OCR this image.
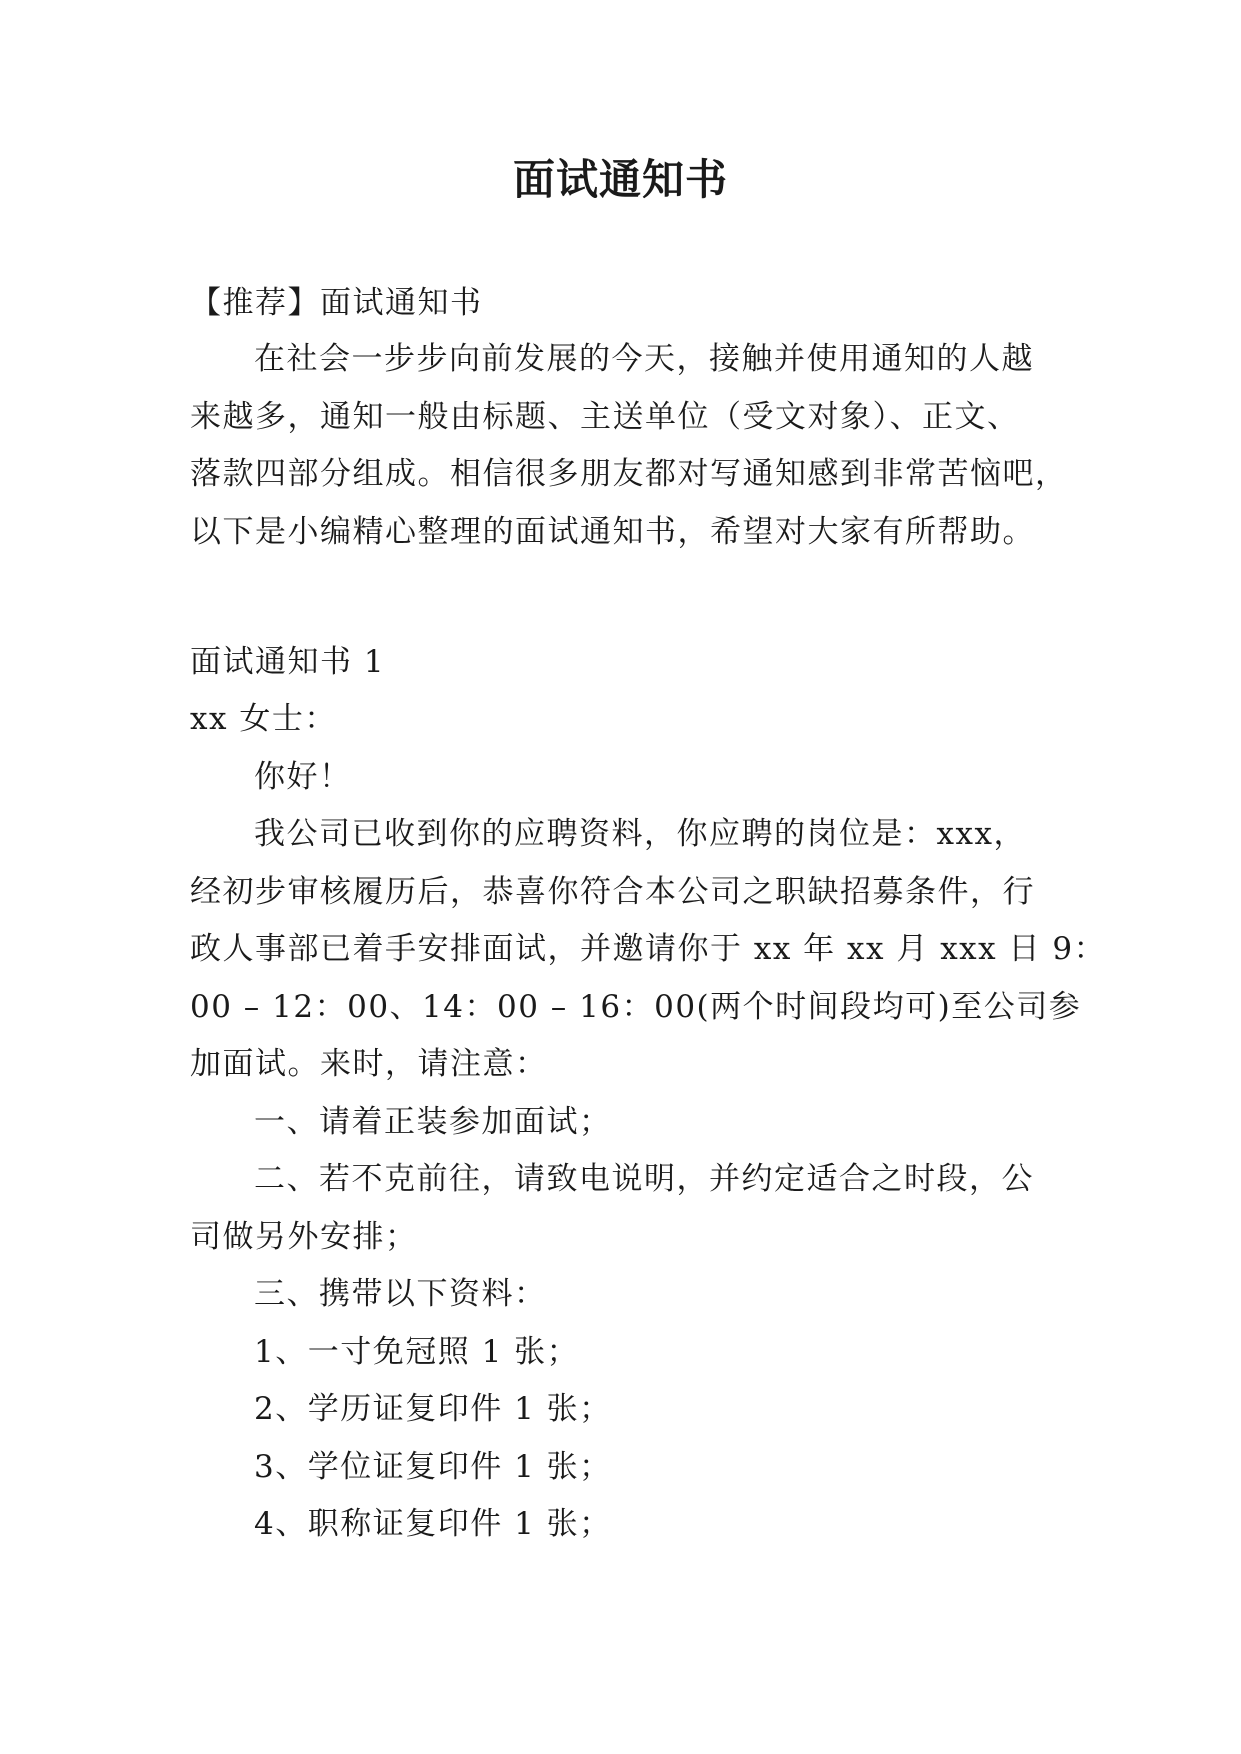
面试通知书
【推荐】面试通知书
在社会一步步向前发展的今天，接触并使用通知的人越
来越多，通知一般由标题、主送单位（受文对象）、正文、
落款四部分组成。相信很多朋友都对写通知感到非常苦恼吧，
以下是小编精心整理的面试通知书，希望对大家有所帮助。
面试通知书 1
xx 女士：
你好！
我公司已收到你的应聘资料，你应聘的岗位是：xxx，
经初步审核履历后，恭喜你符合本公司之职缺招募条件，行
政人事部已着手安排面试，并邀请你于 xx 年 xx 月 xxx 日 9：
00 – 12：00、14：00 – 16：00(两个时间段均可)至公司参
加面试。来时，请注意：
一、请着正装参加面试；
二、若不克前往，请致电说明，并约定适合之时段，公
司做另外安排；
三、携带以下资料：
1、一寸免冠照 1 张；
2、学历证复印件 1 张；
3、学位证复印件 1 张；
4、职称证复印件 1 张；
